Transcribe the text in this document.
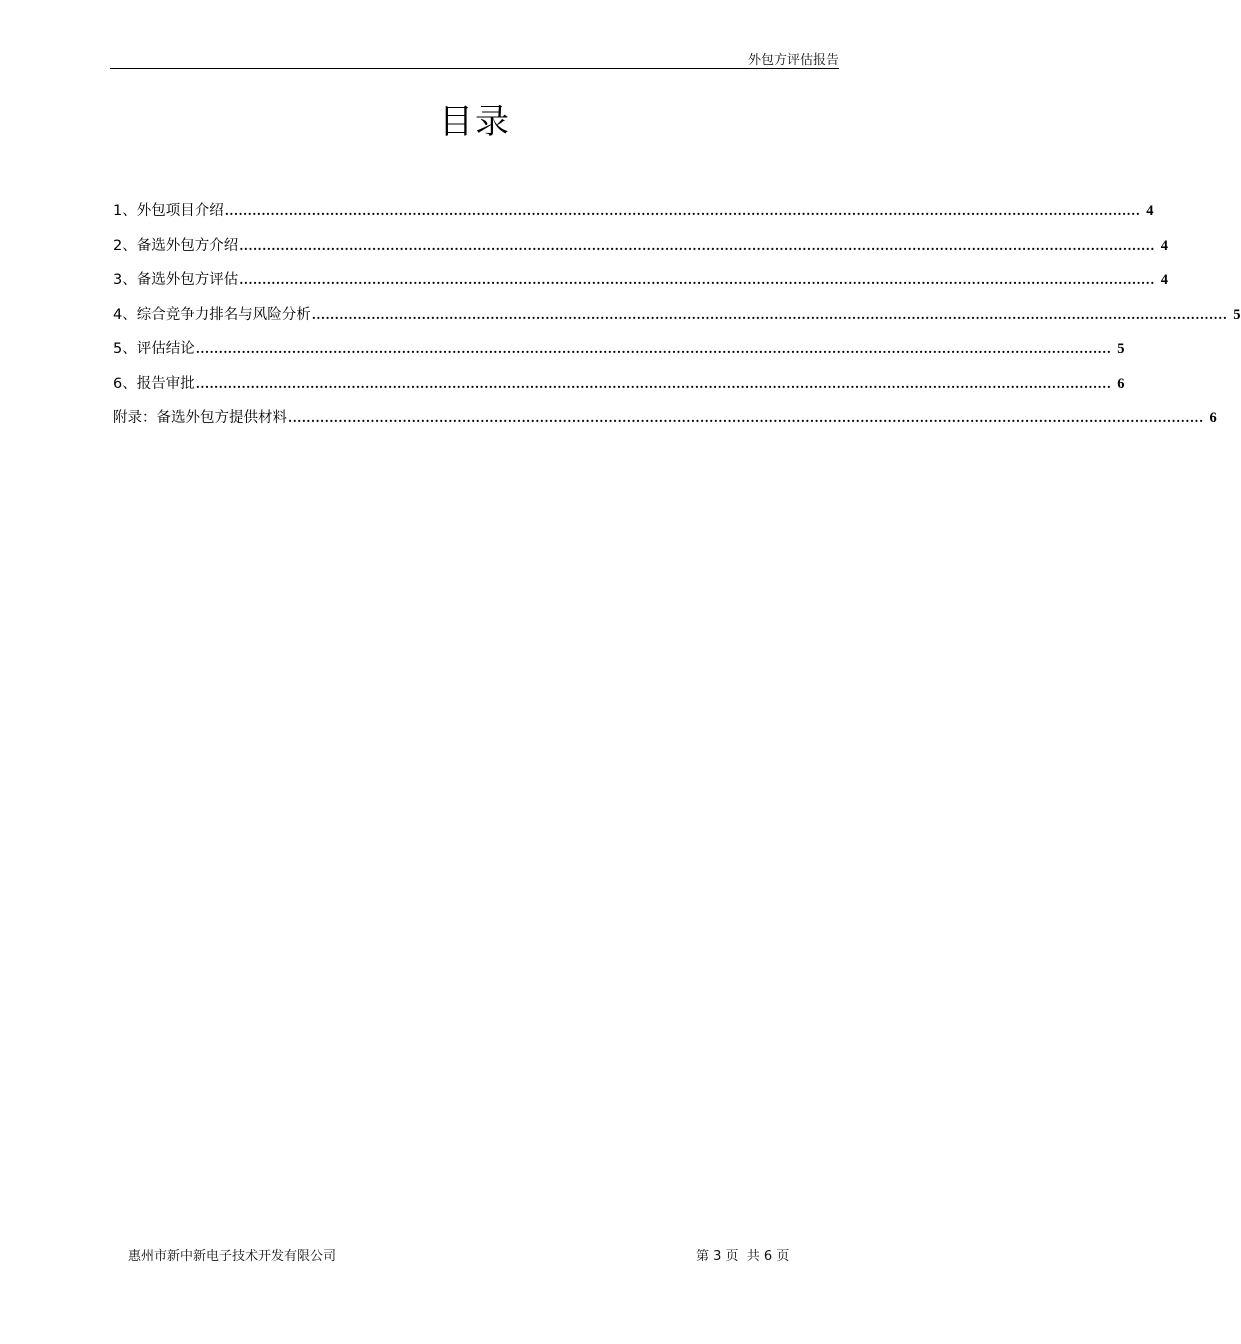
外包方评估报告
目录
1、外包项目介绍 ........................................................................................................................................................................................................ 4
2、备选外包方介绍 ........................................................................................................................................................................................................ 4
3、备选外包方评估 ........................................................................................................................................................................................................ 4
4、综合竞争力排名与风险分析 ........................................................................................................................................................................................................ 5
5、评估结论 ........................................................................................................................................................................................................ 5
6、报告审批 ........................................................................................................................................................................................................ 6
附录：备选外包方提供材料 ........................................................................................................................................................................................................ 6
惠州市新中新电子技术开发有限公司	第 3 页  共 6 页
